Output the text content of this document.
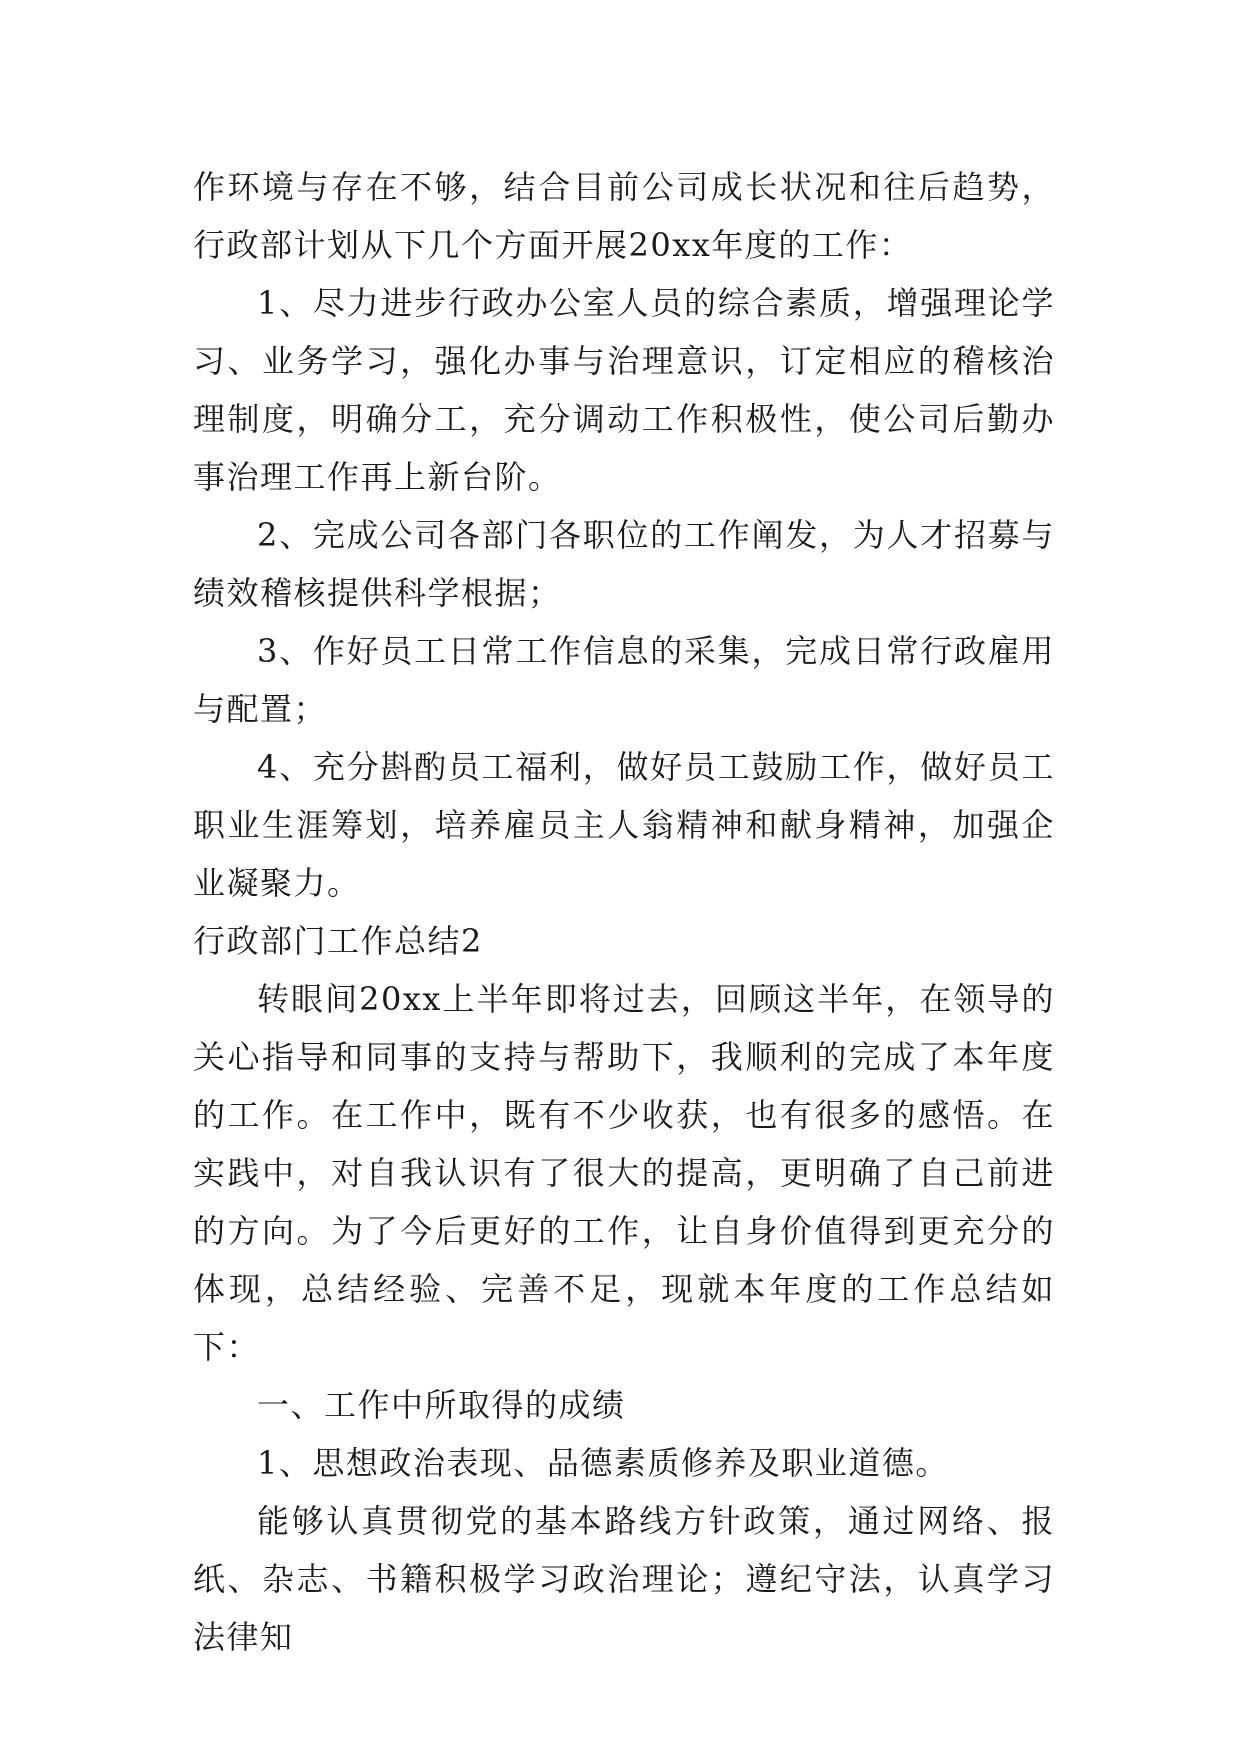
作环境与存在不够，结合目前公司成长状况和往后趋势，行政部计划从下几个方面开展20xx年度的工作：

1、尽力进步行政办公室人员的综合素质，增强理论学习、业务学习，强化办事与治理意识，订定相应的稽核治理制度，明确分工，充分调动工作积极性，使公司后勤办事治理工作再上新台阶。

2、完成公司各部门各职位的工作阐发，为人才招募与绩效稽核提供科学根据；

3、作好员工日常工作信息的采集，完成日常行政雇用与配置；

4、充分斟酌员工福利，做好员工鼓励工作，做好员工职业生涯筹划，培养雇员主人翁精神和献身精神，加强企业凝聚力。

行政部门工作总结2

转眼间20xx上半年即将过去，回顾这半年，在领导的关心指导和同事的支持与帮助下，我顺利的完成了本年度的工作。在工作中，既有不少收获，也有很多的感悟。在实践中，对自我认识有了很大的提高，更明确了自己前进的方向。为了今后更好的工作，让自身价值得到更充分的体现，总结经验、完善不足，现就本年度的工作总结如下：

一、工作中所取得的成绩

1、思想政治表现、品德素质修养及职业道德。

能够认真贯彻党的基本路线方针政策，通过网络、报纸、杂志、书籍积极学习政治理论；遵纪守法，认真学习法律知
